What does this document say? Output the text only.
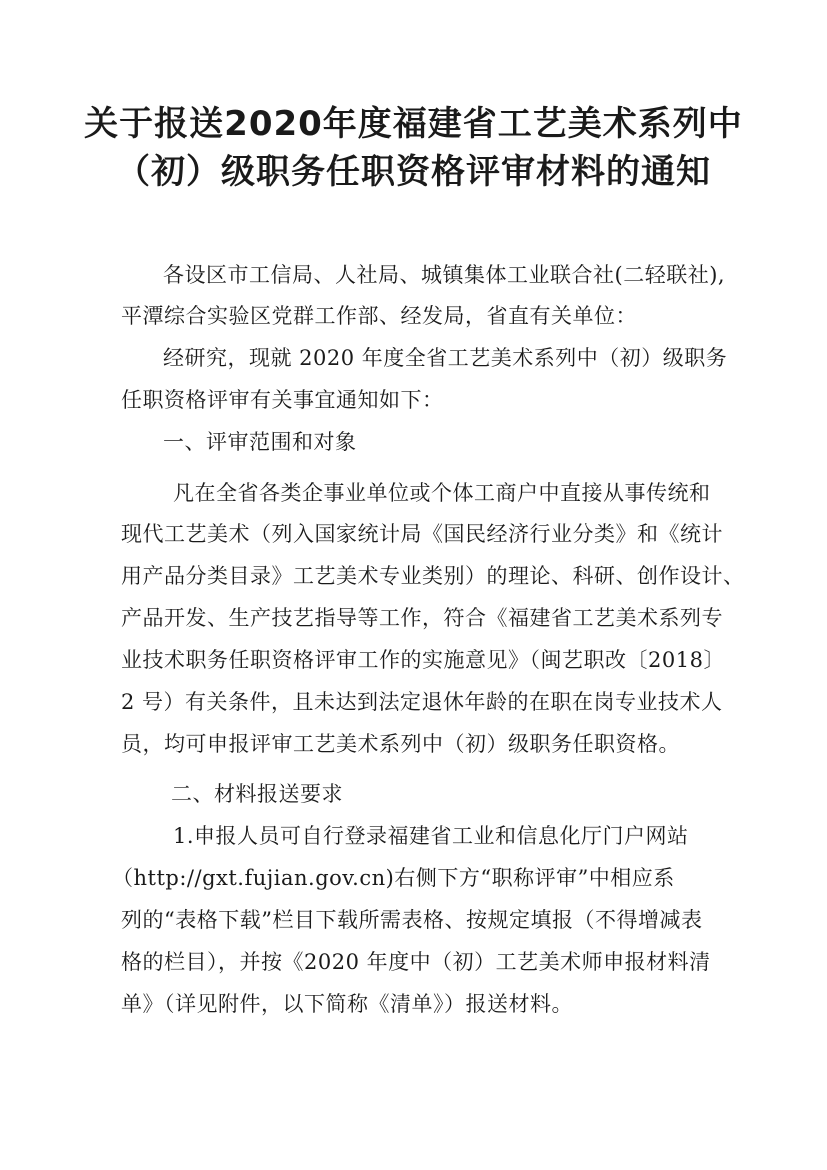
关于报送2020年度福建省工艺美术系列中
（初）级职务任职资格评审材料的通知
各设区市工信局、人社局、城镇集体工业联合社(二轻联社),
平潭综合实验区党群工作部、经发局，省直有关单位：
经研究，现就 2020 年度全省工艺美术系列中（初）级职务
任职资格评审有关事宜通知如下：
一、评审范围和对象
凡在全省各类企事业单位或个体工商户中直接从事传统和
现代工艺美术（列入国家统计局《国民经济行业分类》和《统计
用产品分类目录》工艺美术专业类别）的理论、科研、创作设计、
产品开发、生产技艺指导等工作，符合《福建省工艺美术系列专
业技术职务任职资格评审工作的实施意见》（闽艺职改〔2018〕
2 号）有关条件，且未达到法定退休年龄的在职在岗专业技术人
员，均可申报评审工艺美术系列中（初）级职务任职资格。
二、材料报送要求
1.申报人员可自行登录福建省工业和信息化厅门户网站
（http://gxt.fujian.gov.cn)右侧下方“职称评审”中相应系
列的“表格下载”栏目下载所需表格、按规定填报（不得增减表
格的栏目），并按《2020 年度中（初）工艺美术师申报材料清
单》（详见附件，以下简称《清单》）报送材料。
